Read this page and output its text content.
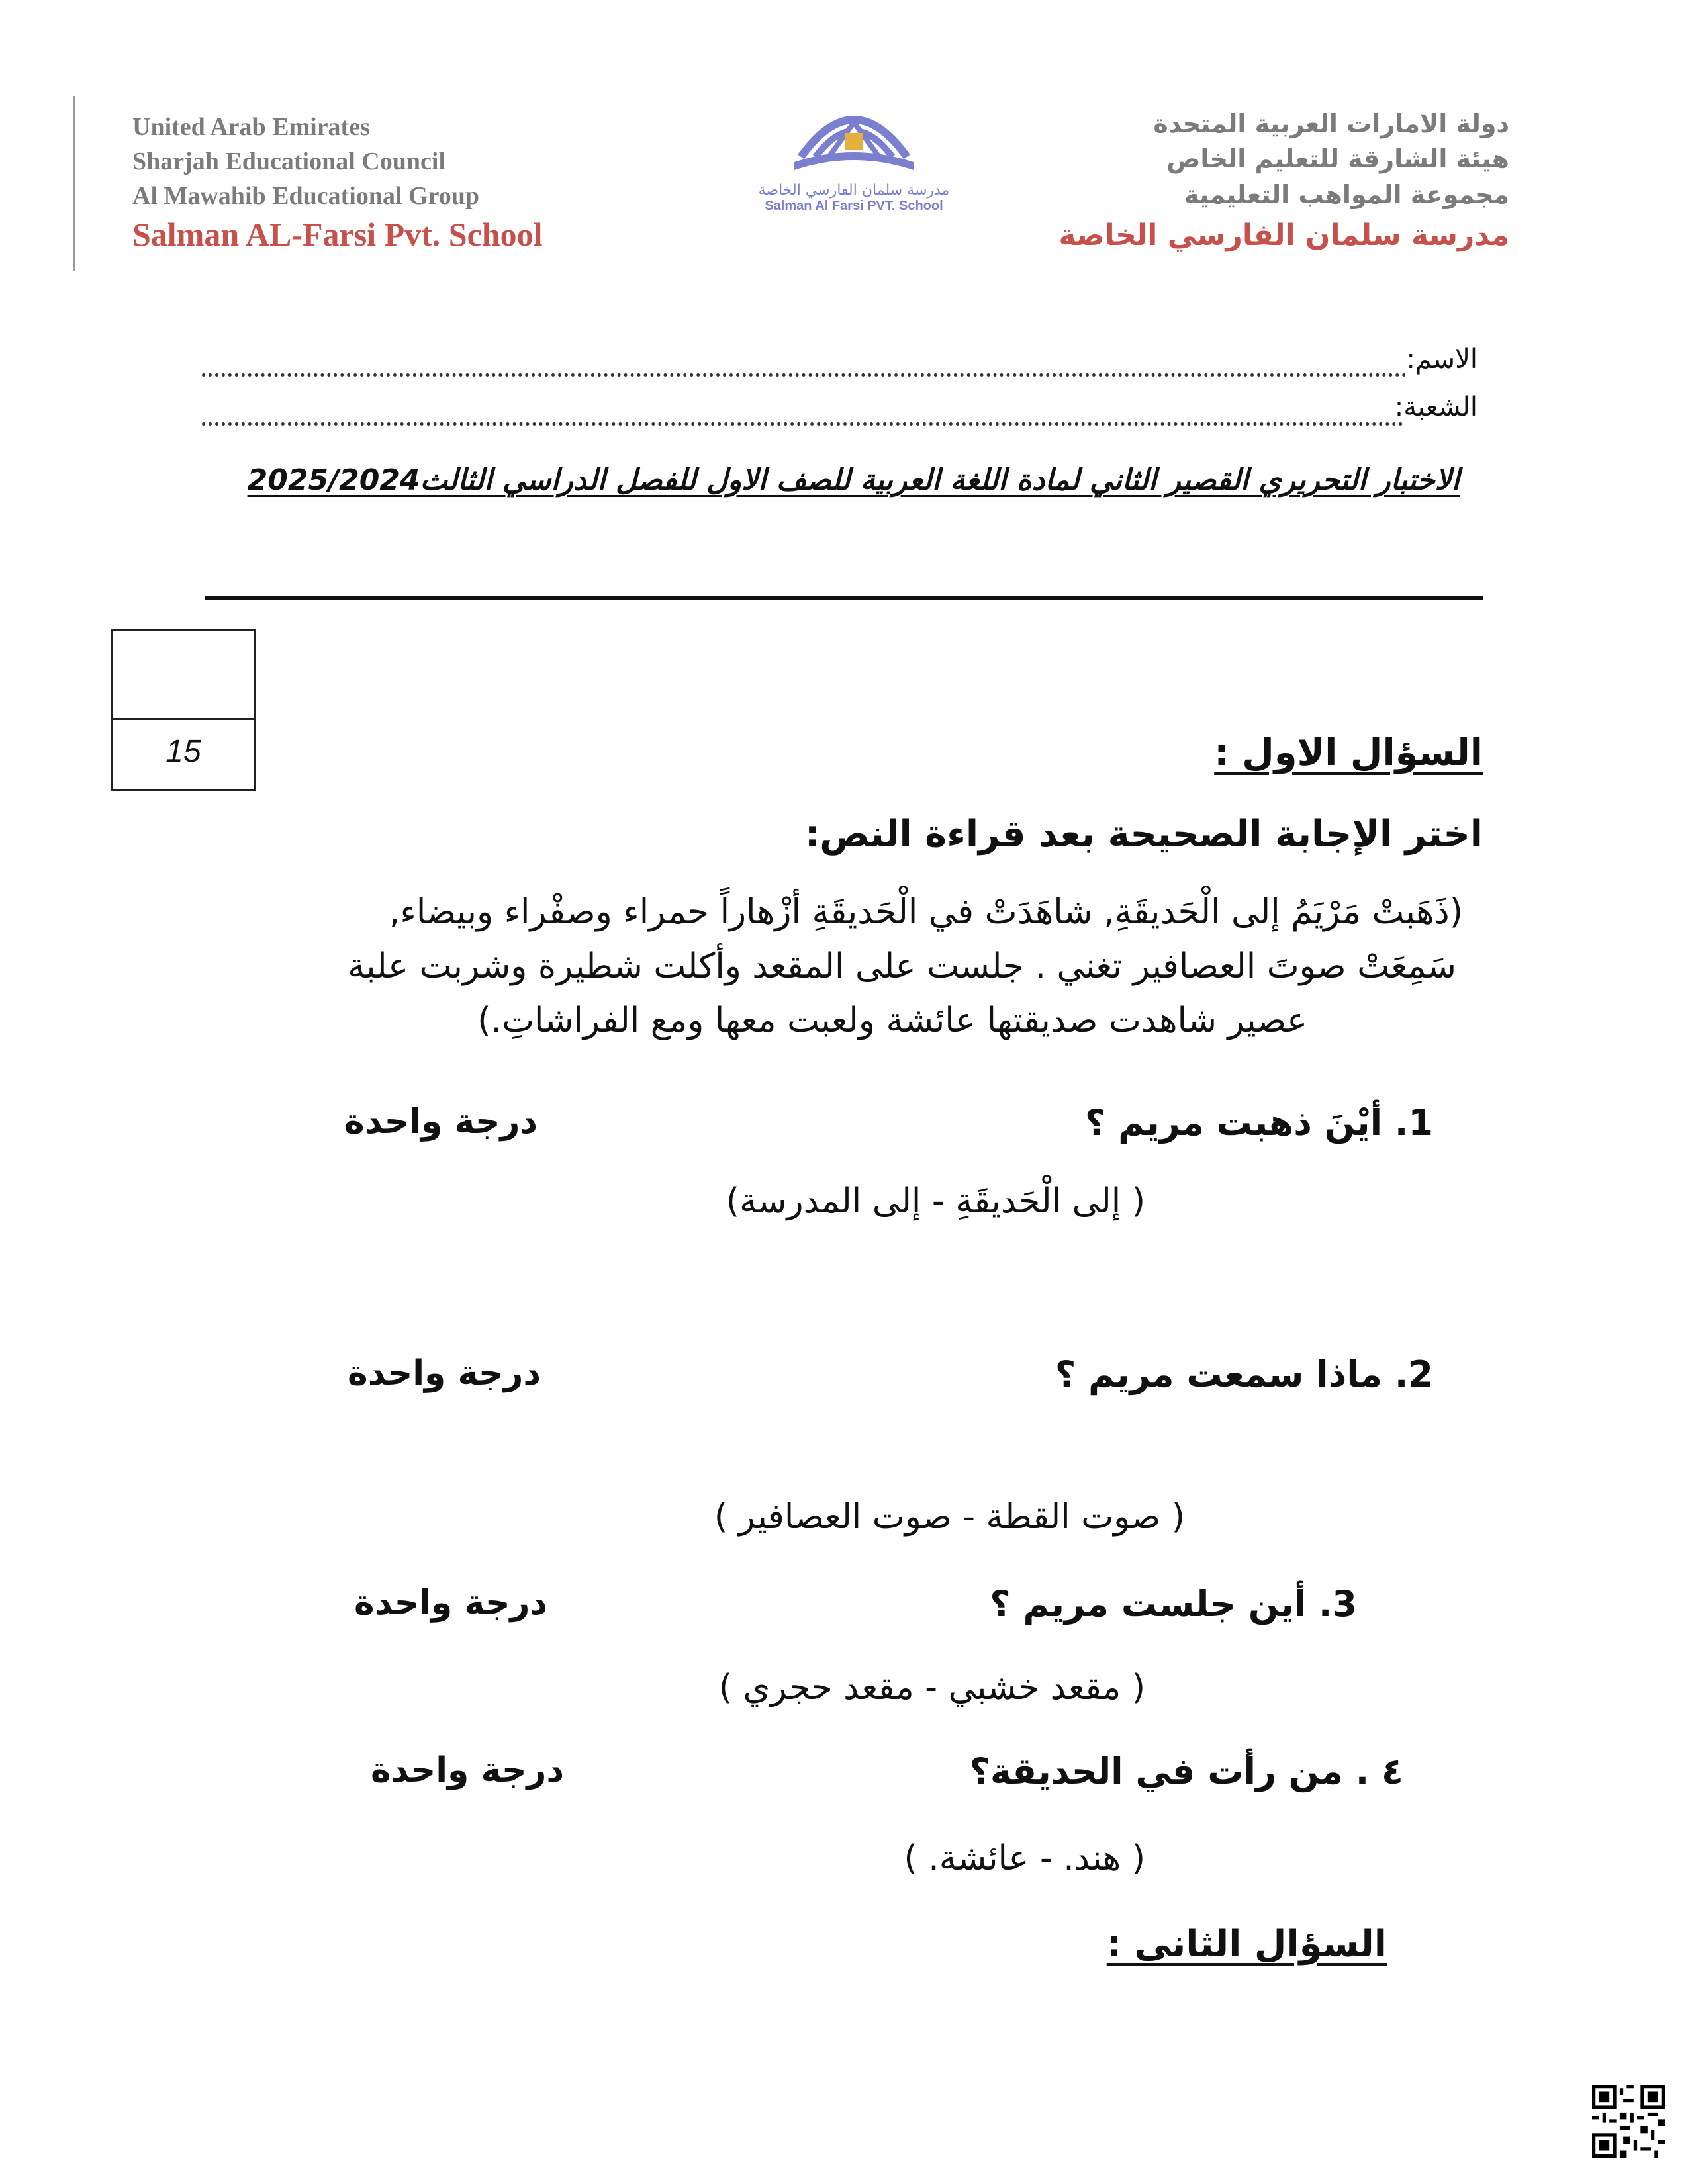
United Arab Emirates
Sharjah Educational Council
Al Mawahib Educational Group
Salman AL-Farsi Pvt. School
مدرسة سلمان الفارسي الخاصة
Salman Al Farsi PVT. School
دولة الامارات العربية المتحدة
هيئة الشارقة للتعليم الخاص
مجموعة المواهب التعليمية
مدرسة سلمان الفارسي الخاصة
الاسم:
الشعبة:
الاختبار التحريري القصير الثاني لمادة اللغة العربية للصف الاول للفصل الدراسي الثالث2025/2024
15	السؤال الاول :
اختر الإجابة الصحيحة بعد قراءة النص:
(ذَهَبتْ مَرْيَمُ إلى الْحَديقَةِ, شاهَدَتْ في الْحَديقَةِ أزْهاراً حمراء وصفْراء وبيضاء,
سَمِعَتْ صوتَ العصافير تغني . جلست على المقعد وأكلت شطيرة وشربت علبة
عصير شاهدت صديقتها عائشة ولعبت معها ومع الفراشاتِ.)
1. أيْنَ ذهبت مريم ؟
درجة واحدة
( إلى الْحَديقَةِ - إلى المدرسة)
2. ماذا سمعت مريم ؟
درجة واحدة
( صوت القطة - صوت العصافير )
3. أين جلست مريم ؟
درجة واحدة
( مقعد خشبي - مقعد حجري )
٤ . من رأت في الحديقة؟
درجة واحدة
( هند. - عائشة. )
السؤال الثانى :
